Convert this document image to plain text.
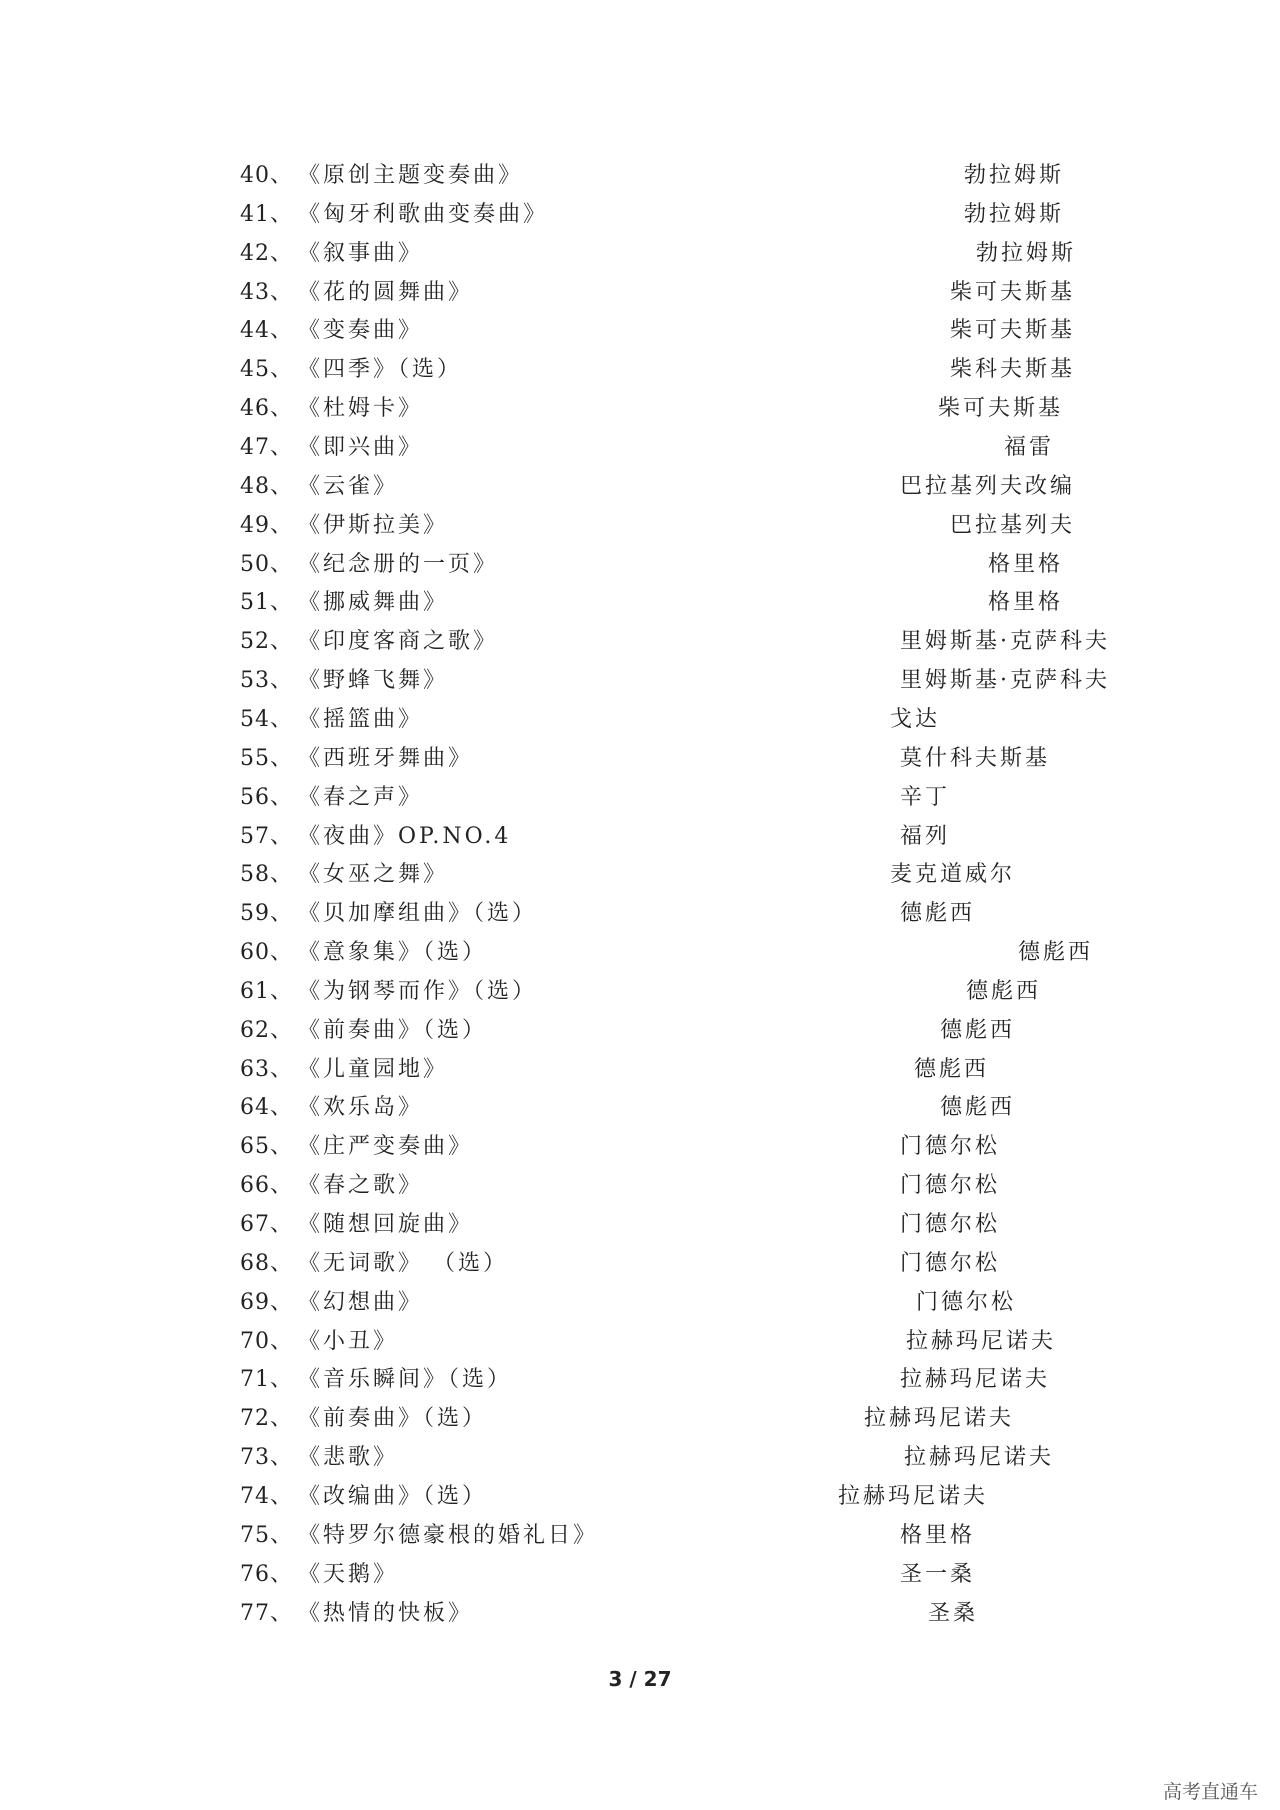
40、 《原创主题变奏曲》	勃拉姆斯
41、 《匈牙利歌曲变奏曲》	勃拉姆斯
42、 《叙事曲》	勃拉姆斯
43、 《花的圆舞曲》	柴可夫斯基
44、 《变奏曲》	柴可夫斯基
45、 《四季》（选）	柴科夫斯基
46、 《杜姆卡》	柴可夫斯基
47、 《即兴曲》	福雷
48、 《云雀》	巴拉基列夫改编
49、 《伊斯拉美》	巴拉基列夫
50、 《纪念册的一页》	格里格
51、 《挪威舞曲》	格里格
52、 《印度客商之歌》	里姆斯基·克萨科夫
53、 《野蜂飞舞》	里姆斯基·克萨科夫
54、 《摇篮曲》	戈达
55、 《西班牙舞曲》	莫什科夫斯基
56、 《春之声》	辛丁
57、 《夜曲》OP.NO.4	福列
58、 《女巫之舞》	麦克道威尔
59、 《贝加摩组曲》（选）	德彪西
60、 《意象集》（选）	德彪西
61、 《为钢琴而作》（选）	德彪西
62、 《前奏曲》（选）	德彪西
63、 《儿童园地》	德彪西
64、 《欢乐岛》	德彪西
65、 《庄严变奏曲》	门德尔松
66、 《春之歌》	门德尔松
67、 《随想回旋曲》	门德尔松
68、 《无词歌》 （选）	门德尔松
69、 《幻想曲》	门德尔松
70、 《小丑》	拉赫玛尼诺夫
71、 《音乐瞬间》（选）	拉赫玛尼诺夫
72、 《前奏曲》（选）	拉赫玛尼诺夫
73、 《悲歌》	拉赫玛尼诺夫
74、 《改编曲》（选）	拉赫玛尼诺夫
75、 《特罗尔德豪根的婚礼日》	格里格
76、 《天鹅》	圣一桑
77、 《热情的快板》	圣桑
3 / 27
高考直通车
